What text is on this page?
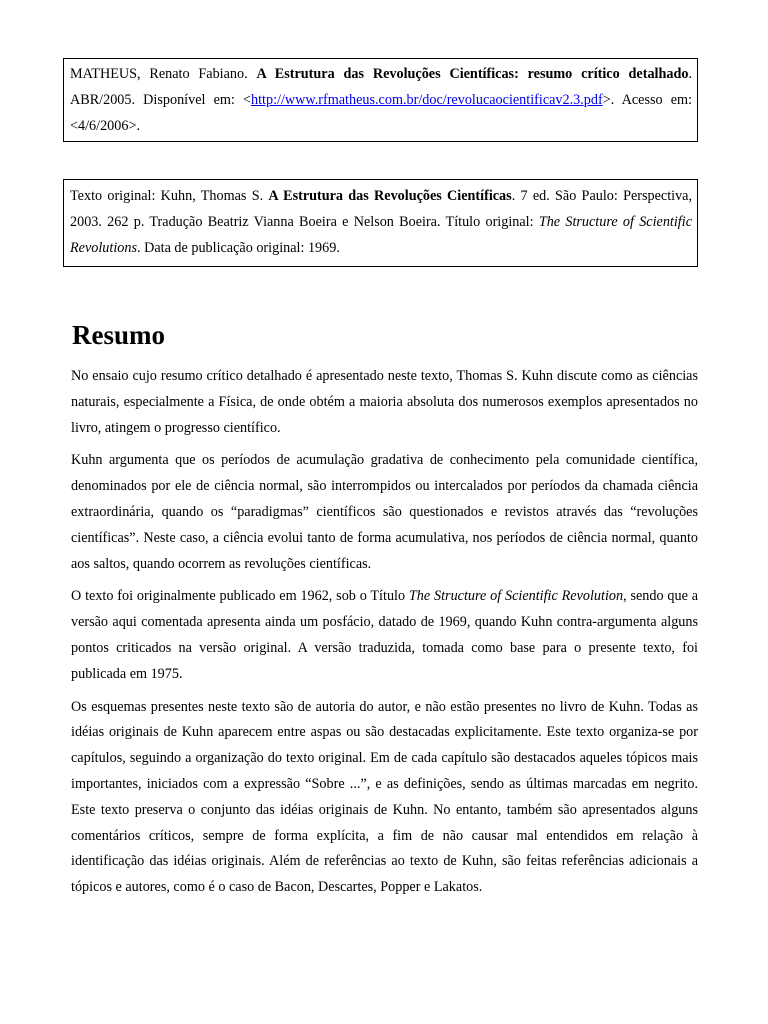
MATHEUS, Renato Fabiano. A Estrutura das Revoluções Científicas: resumo crítico detalhado. ABR/2005. Disponível em: <http://www.rfmatheus.com.br/doc/revolucaocientificav2.3.pdf>. Acesso em: <4/6/2006>.

Texto original: Kuhn, Thomas S. A Estrutura das Revoluções Científicas. 7 ed. São Paulo: Perspectiva, 2003. 262 p. Tradução Beatriz Vianna Boeira e Nelson Boeira. Título original: The Structure of Scientific Revolutions. Data de publicação original: 1969.

Resumo

No ensaio cujo resumo crítico detalhado é apresentado neste texto, Thomas S. Kuhn discute como as ciências naturais, especialmente a Física, de onde obtém a maioria absoluta dos numerosos exemplos apresentados no livro, atingem o progresso científico.

Kuhn argumenta que os períodos de acumulação gradativa de conhecimento pela comunidade científica, denominados por ele de ciência normal, são interrompidos ou intercalados por períodos da chamada ciência extraordinária, quando os “paradigmas” científicos são questionados e revistos através das “revoluções científicas”. Neste caso, a ciência evolui tanto de forma acumulativa, nos períodos de ciência normal, quanto aos saltos, quando ocorrem as revoluções científicas.

O texto foi originalmente publicado em 1962, sob o Título The Structure of Scientific Revolution, sendo que a versão aqui comentada apresenta ainda um posfácio, datado de 1969, quando Kuhn contra-argumenta alguns pontos criticados na versão original. A versão traduzida, tomada como base para o presente texto, foi publicada em 1975.

Os esquemas presentes neste texto são de autoria do autor, e não estão presentes no livro de Kuhn. Todas as idéias originais de Kuhn aparecem entre aspas ou são destacadas explicitamente. Este texto organiza-se por capítulos, seguindo a organização do texto original. Em de cada capítulo são destacados aqueles tópicos mais importantes, iniciados com a expressão “Sobre ...”, e as definições, sendo as últimas marcadas em negrito. Este texto preserva o conjunto das idéias originais de Kuhn. No entanto, também são apresentados alguns comentários críticos, sempre de forma explícita, a fim de não causar mal entendidos em relação à identificação das idéias originais. Além de referências ao texto de Kuhn, são feitas referências adicionais a tópicos e autores, como é o caso de Bacon, Descartes, Popper e Lakatos.
